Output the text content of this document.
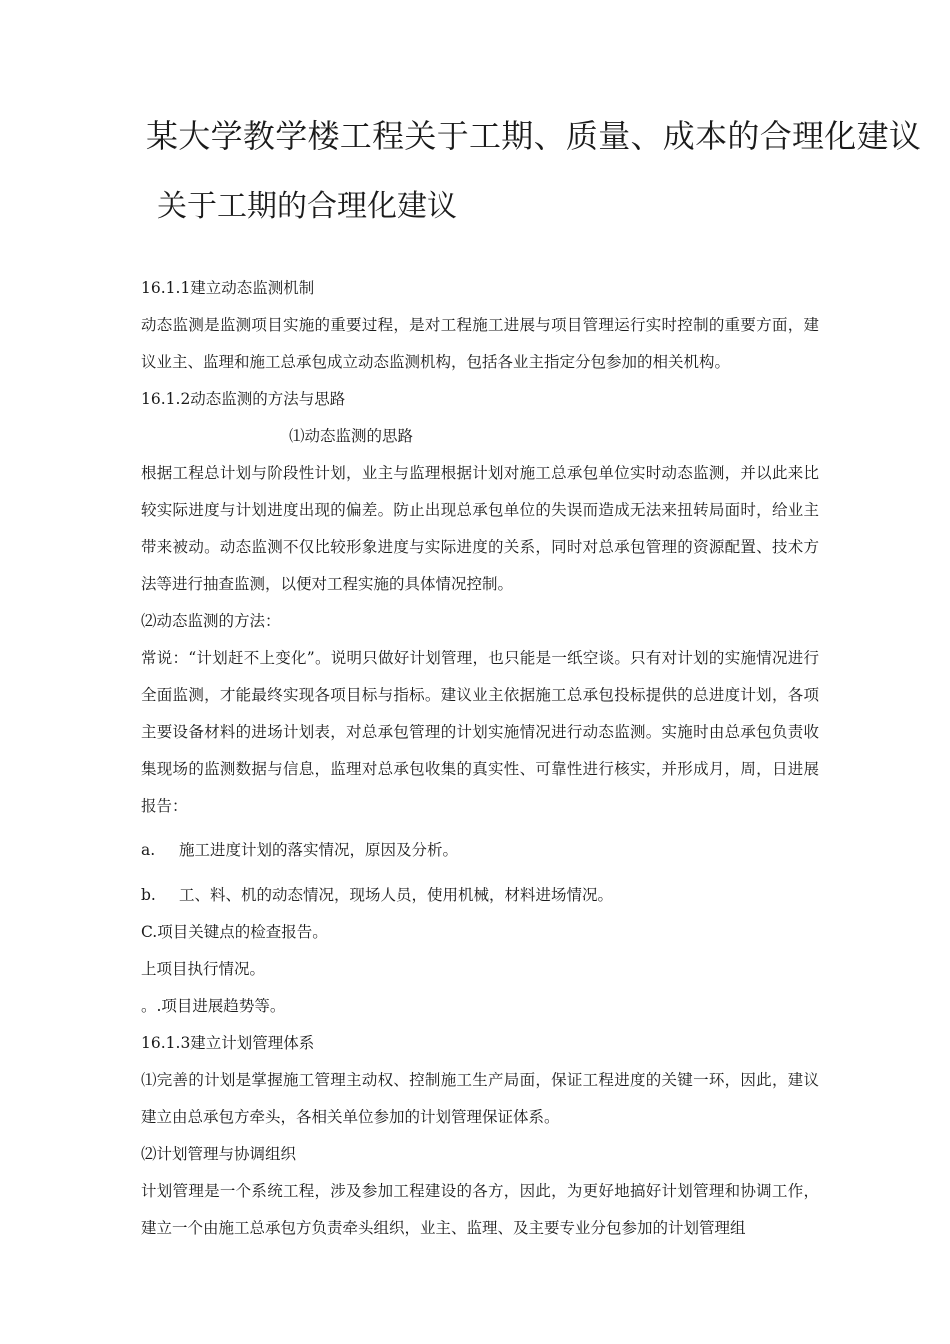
某大学教学楼工程关于工期、质量、成本的合理化建议
关于工期的合理化建议

16.1.1建立动态监测机制

动态监测是监测项目实施的重要过程，是对工程施工进展与项目管理运行实时控制的重要方面，建议业主、监理和施工总承包成立动态监测机构，包括各业主指定分包参加的相关机构。

16.1.2动态监测的方法与思路

⑴动态监测的思路

根据工程总计划与阶段性计划，业主与监理根据计划对施工总承包单位实时动态监测，并以此来比较实际进度与计划进度出现的偏差。防止出现总承包单位的失误而造成无法来扭转局面时，给业主带来被动。动态监测不仅比较形象进度与实际进度的关系，同时对总承包管理的资源配置、技术方法等进行抽查监测，以便对工程实施的具体情况控制。

⑵动态监测的方法：

常说：“计划赶不上变化”。说明只做好计划管理，也只能是一纸空谈。只有对计划的实施情况进行全面监测，才能最终实现各项目标与指标。建议业主依据施工总承包投标提供的总进度计划，各项主要设备材料的进场计划表，对总承包管理的计划实施情况进行动态监测。实施时由总承包负责收集现场的监测数据与信息，监理对总承包收集的真实性、可靠性进行核实，并形成月，周，日进展报告：

a.	施工进度计划的落实情况，原因及分析。
b.	工、料、机的动态情况，现场人员，使用机械，材料进场情况。

C.项目关键点的检查报告。

上项目执行情况。

。.项目进展趋势等。

16.1.3建立计划管理体系

⑴完善的计划是掌握施工管理主动权、控制施工生产局面，保证工程进度的关键一环，因此，建议建立由总承包方牵头，各相关单位参加的计划管理保证体系。

⑵计划管理与协调组织

计划管理是一个系统工程，涉及参加工程建设的各方，因此，为更好地搞好计划管理和协调工作，建立一个由施工总承包方负责牵头组织，业主、监理、及主要专业分包参加的计划管理组
